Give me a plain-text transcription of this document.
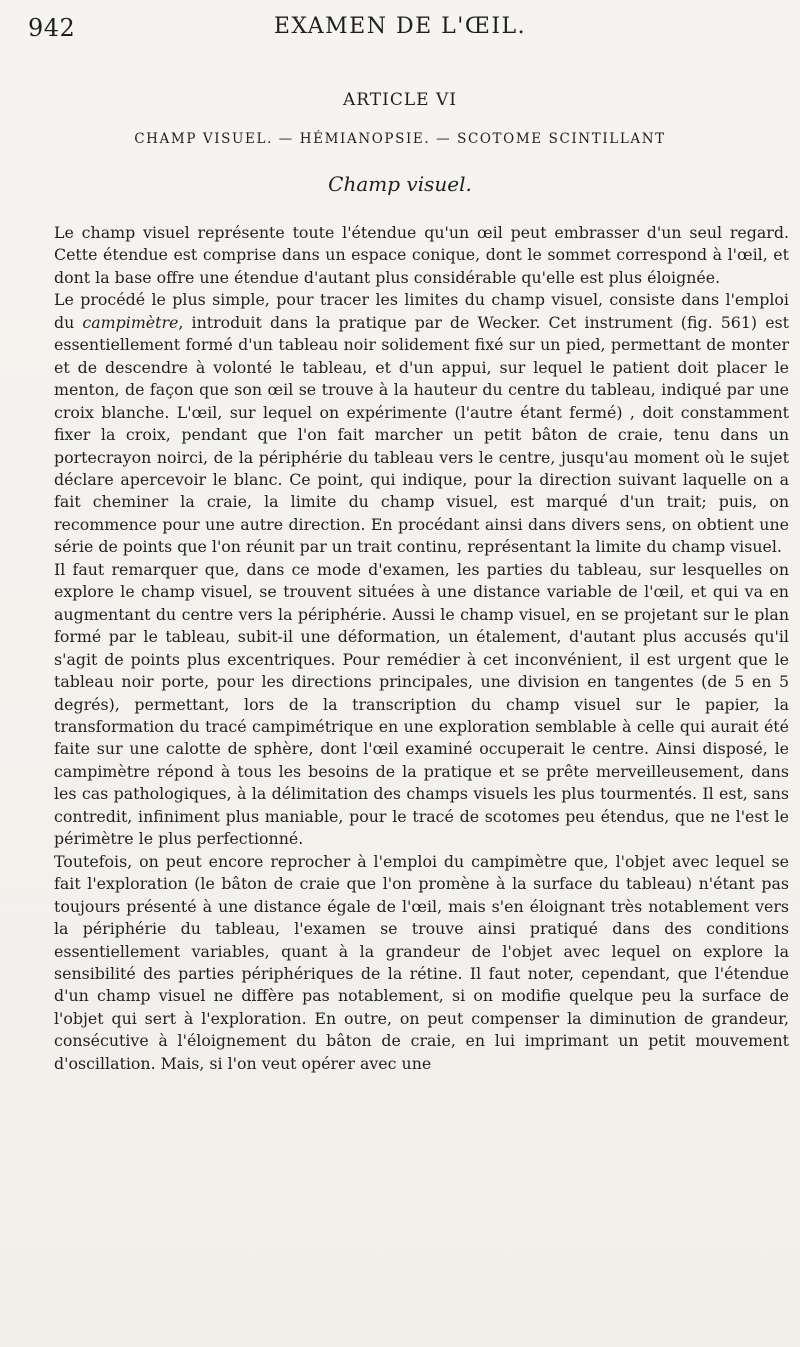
942	EXAMEN DE L'ŒIL.
ARTICLE VI
CHAMP VISUEL. — HÉMIANOPSIE. — SCOTOME SCINTILLANT
Champ visuel.

Le champ visuel représente toute l'étendue qu'un œil peut embrasser d'un seul regard. Cette étendue est comprise dans un espace conique, dont le sommet correspond à l'œil, et dont la base offre une étendue d'autant plus considérable qu'elle est plus éloignée.

Le procédé le plus simple, pour tracer les limites du champ visuel, consiste dans l'emploi du campimètre, introduit dans la pratique par de Wecker. Cet instrument (fig. 561) est essentiellement formé d'un tableau noir solidement fixé sur un pied, permettant de monter et de descendre à volonté le tableau, et d'un appui, sur lequel le patient doit placer le menton, de façon que son œil se trouve à la hauteur du centre du tableau, indiqué par une croix blanche. L'œil, sur lequel on expérimente (l'autre étant fermé) , doit constamment fixer la croix, pendant que l'on fait marcher un petit bâton de craie, tenu dans un portecrayon noirci, de la périphérie du tableau vers le centre, jusqu'au moment où le sujet déclare apercevoir le blanc. Ce point, qui indique, pour la direction suivant laquelle on a fait cheminer la craie, la limite du champ visuel, est marqué d'un trait; puis, on recommence pour une autre direction. En procédant ainsi dans divers sens, on obtient une série de points que l'on réunit par un trait continu, représentant la limite du champ visuel.

Il faut remarquer que, dans ce mode d'examen, les parties du tableau, sur lesquelles on explore le champ visuel, se trouvent situées à une distance variable de l'œil, et qui va en augmentant du centre vers la périphérie. Aussi le champ visuel, en se projetant sur le plan formé par le tableau, subit-il une déformation, un étalement, d'autant plus accusés qu'il s'agit de points plus excentriques. Pour remédier à cet inconvénient, il est urgent que le tableau noir porte, pour les directions principales, une division en tangentes (de 5 en 5 degrés), permettant, lors de la transcription du champ visuel sur le papier, la transformation du tracé campimétrique en une exploration semblable à celle qui aurait été faite sur une calotte de sphère, dont l'œil examiné occuperait le centre. Ainsi disposé, le campimètre répond à tous les besoins de la pratique et se prête merveilleusement, dans les cas pathologiques, à la délimitation des champs visuels les plus tourmentés. Il est, sans contredit, infiniment plus maniable, pour le tracé de scotomes peu étendus, que ne l'est le périmètre le plus perfectionné.

Toutefois, on peut encore reprocher à l'emploi du campimètre que, l'objet avec lequel se fait l'exploration (le bâton de craie que l'on promène à la surface du tableau) n'étant pas toujours présenté à une distance égale de l'œil, mais s'en éloignant très notablement vers la périphérie du tableau, l'examen se trouve ainsi pratiqué dans des conditions essentiellement variables, quant à la grandeur de l'objet avec lequel on explore la sensibilité des parties périphériques de la rétine. Il faut noter, cependant, que l'étendue d'un champ visuel ne diffère pas notablement, si on modifie quelque peu la surface de l'objet qui sert à l'exploration. En outre, on peut compenser la diminution de grandeur, consécutive à l'éloignement du bâton de craie, en lui imprimant un petit mouvement d'oscillation. Mais, si l'on veut opérer avec une
